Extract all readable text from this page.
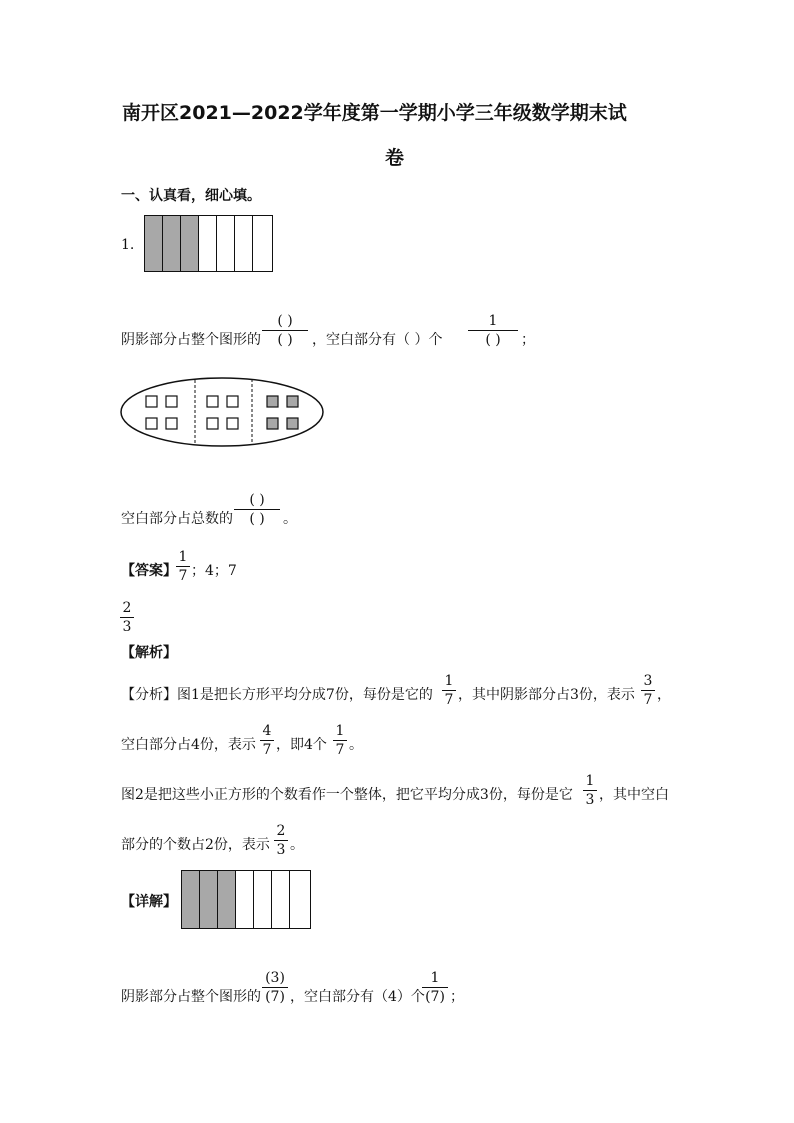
南开区2021—2022学年度第一学期小学三年级数学期末试
卷
一、认真看，细心填。
1.
阴影部分占整个图形的
( )
( )	，空白部分有（ ）个
1
( )	；
空白部分占总数的
( )
( )	。
【答案】 $\frac{1}{7}$ ；4；7
$\frac{2}{3}$
【解析】
【分析】图1是把长方形平均分成7份，每份是它的 $\frac{1}{7}$ ，其中阴影部分占3份，表示 $\frac{3}{7}$ ，
空白部分占4份，表示 $\frac{4}{7}$ ，即4个 $\frac{1}{7}$ 。
图2是把这些小正方形的个数看作一个整体，把它平均分成3份，每份是它 $\frac{1}{3}$ ，其中空白
部分的个数占2份，表示 $\frac{2}{3}$ 。
【详解】
阴影部分占整个图形的 $\frac{(3)}{(7)}$ ，空白部分有（4）个
$\frac{1}{(7)}$ ；
